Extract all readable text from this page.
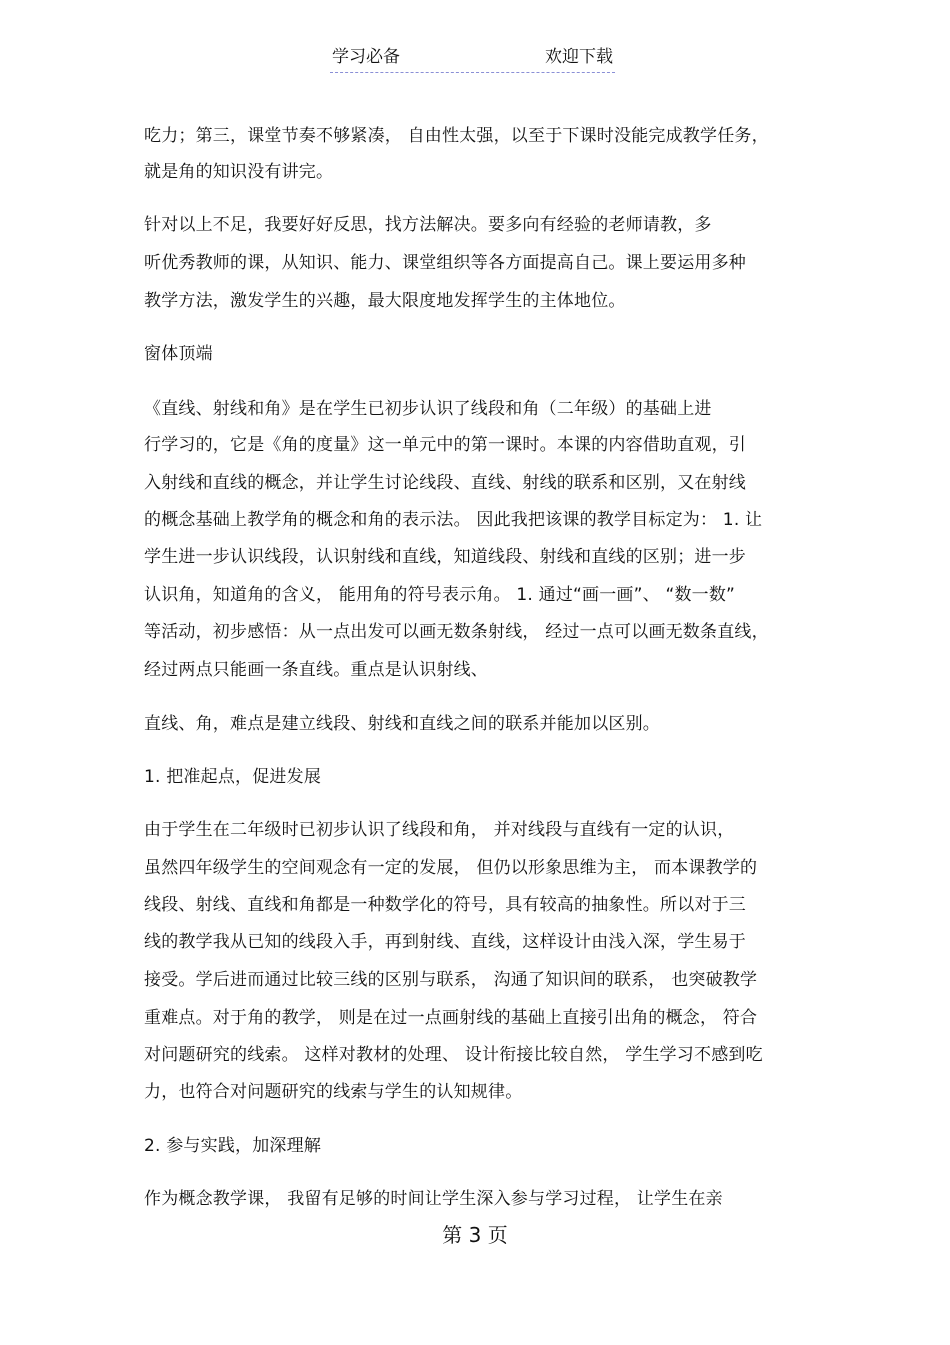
学习必备	欢迎下载
吃力；第三，课堂节奏不够紧凑， 自由性太强，以至于下课时没能完成教学任务，
就是角的知识没有讲完。
针对以上不足，我要好好反思，找方法解决。要多向有经验的老师请教，多
听优秀教师的课，从知识、能力、课堂组织等各方面提高自己。课上要运用多种
教学方法，激发学生的兴趣，最大限度地发挥学生的主体地位。
窗体顶端
《直线、射线和角》是在学生已初步认识了线段和角（二年级）的基础上进
行学习的，它是《角的度量》这一单元中的第一课时。本课的内容借助直观，引
入射线和直线的概念，并让学生讨论线段、直线、射线的联系和区别，又在射线
的概念基础上教学角的概念和角的表示法。 因此我把该课的教学目标定为： 1. 让
学生进一步认识线段，认识射线和直线，知道线段、射线和直线的区别；进一步
认识角，知道角的含义， 能用角的符号表示角。 1. 通过“画一画”、 “数一数”
等活动，初步感悟：从一点出发可以画无数条射线， 经过一点可以画无数条直线，
经过两点只能画一条直线。重点是认识射线、
直线、角，难点是建立线段、射线和直线之间的联系并能加以区别。
1. 把准起点，促进发展
由于学生在二年级时已初步认识了线段和角， 并对线段与直线有一定的认识，
虽然四年级学生的空间观念有一定的发展， 但仍以形象思维为主， 而本课教学的
线段、射线、直线和角都是一种数学化的符号，具有较高的抽象性。所以对于三
线的教学我从已知的线段入手，再到射线、直线，这样设计由浅入深，学生易于
接受。学后进而通过比较三线的区别与联系， 沟通了知识间的联系， 也突破教学
重难点。对于角的教学， 则是在过一点画射线的基础上直接引出角的概念， 符合
对问题研究的线索。 这样对教材的处理、 设计衔接比较自然， 学生学习不感到吃
力，也符合对问题研究的线索与学生的认知规律。
2. 参与实践，加深理解
作为概念教学课， 我留有足够的时间让学生深入参与学习过程， 让学生在亲
第 3 页
